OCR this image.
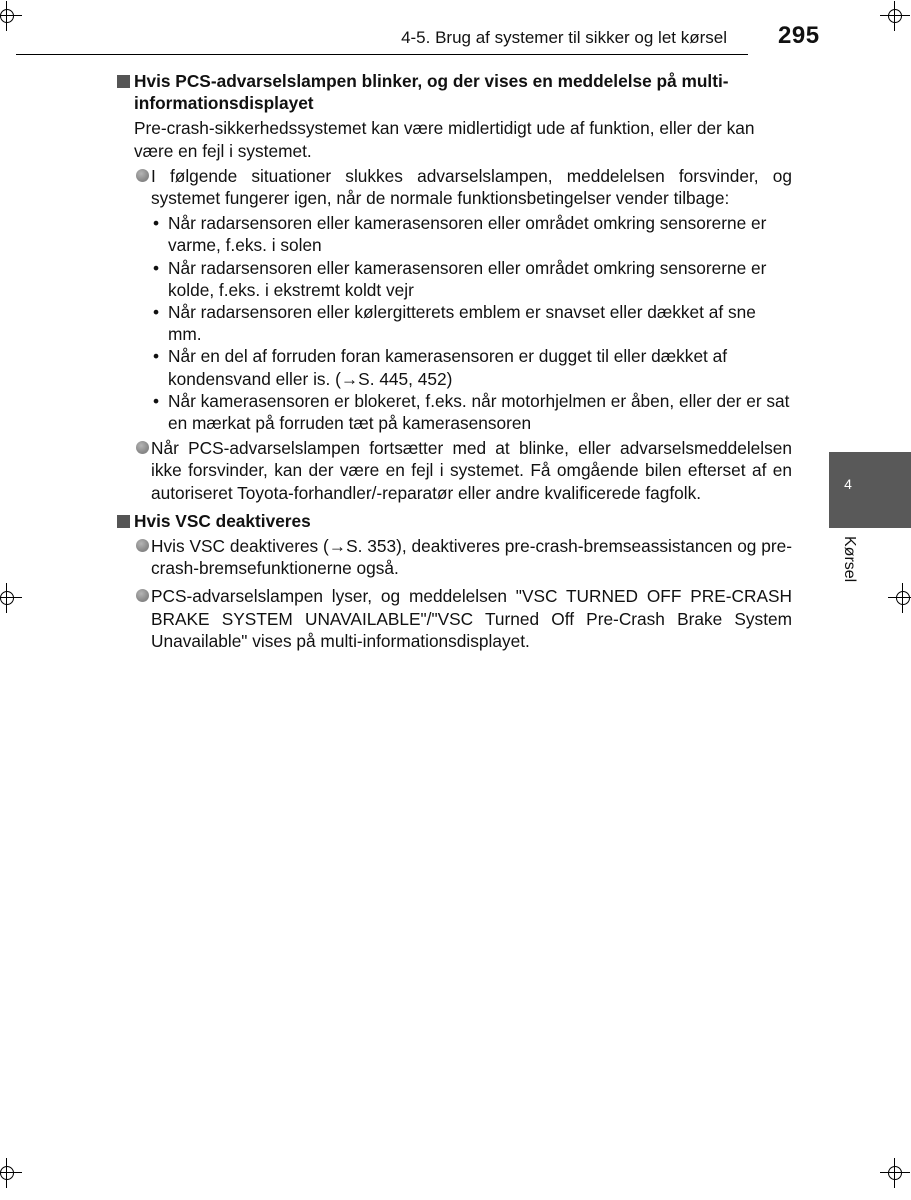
4-5. Brug af systemer til sikker og let kørsel 295
4
Kørsel
Hvis PCS-advarselslampen blinker, og der vises en meddelelse på multi-informationsdisplayet
Pre-crash-sikkerhedssystemet kan være midlertidigt ude af funktion, eller der kan være en fejl i systemet.
I følgende situationer slukkes advarselslampen, meddelelsen forsvinder, og systemet fungerer igen, når de normale funktionsbetingelser vender tilbage:
• Når radarsensoren eller kamerasensoren eller området omkring sensorerne er varme, f.eks. i solen
• Når radarsensoren eller kamerasensoren eller området omkring sensorerne er kolde, f.eks. i ekstremt koldt vejr
• Når radarsensoren eller kølergitterets emblem er snavset eller dækket af sne mm.
• Når en del af forruden foran kamerasensoren er dugget til eller dækket af kondensvand eller is. (→S. 445, 452)
• Når kamerasensoren er blokeret, f.eks. når motorhjelmen er åben, eller der er sat en mærkat på forruden tæt på kamerasensoren
Når PCS-advarselslampen fortsætter med at blinke, eller advarselsmeddelelsen ikke forsvinder, kan der være en fejl i systemet. Få omgående bilen efterset af en autoriseret Toyota-forhandler/-reparatør eller andre kvalificerede fagfolk.
Hvis VSC deaktiveres
Hvis VSC deaktiveres (→S. 353), deaktiveres pre-crash-bremseassistancen og pre-crash-bremsefunktionerne også.
PCS-advarselslampen lyser, og meddelelsen "VSC TURNED OFF PRE-CRASH BRAKE SYSTEM UNAVAILABLE"/"VSC Turned Off Pre-Crash Brake System Unavailable" vises på multi-informationsdisplayet.
